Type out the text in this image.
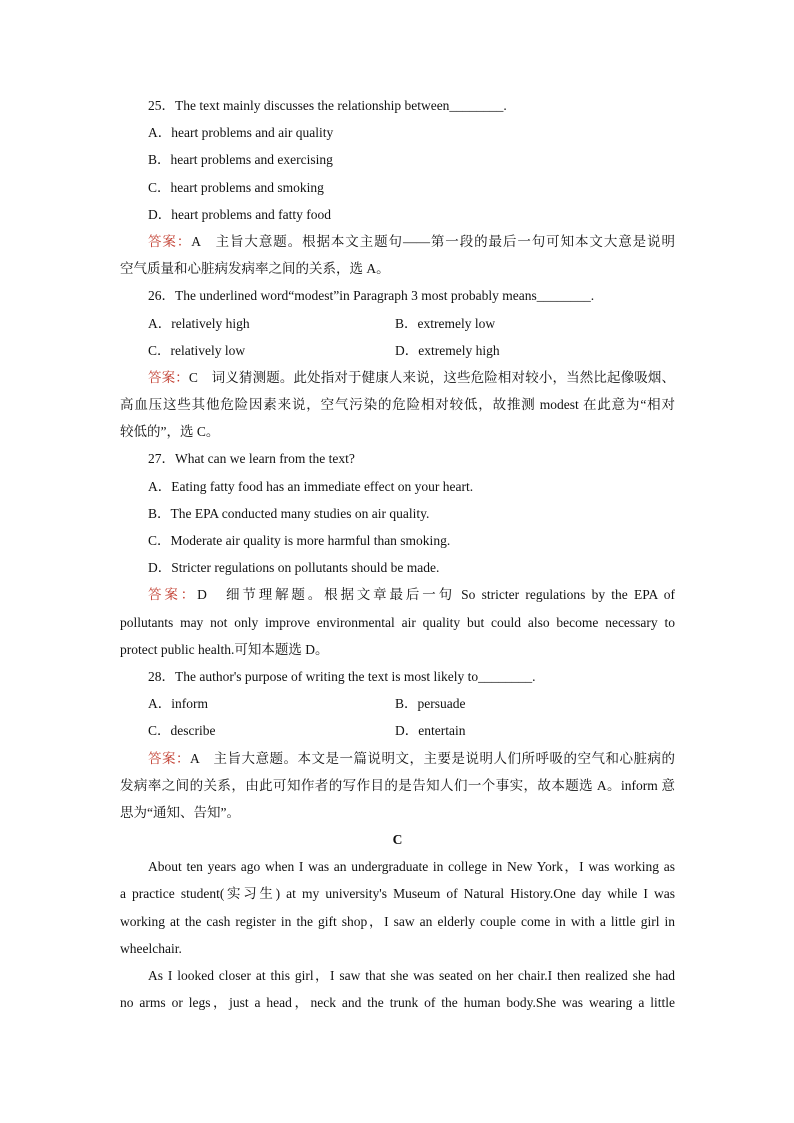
25．The text mainly discusses the relationship between________.
A．heart problems and air quality
B．heart problems and exercising
C．heart problems and smoking
D．heart problems and fatty food
答案：A　主旨大意题。根据本文主题句——第一段的最后一句可知本文大意是说明
空气质量和心脏病发病率之间的关系，选 A。
26．The underlined word“modest”in Paragraph 3 most probably means________.
A．relatively high	B．extremely low
C．relatively low	D．extremely high
答案：C　词义猜测题。此处指对于健康人来说，这些危险相对较小，当然比起像吸烟、
高血压这些其他危险因素来说，空气污染的危险相对较低，故推测 modest 在此意为“相对
较低的”，选 C。
27．What can we learn from the text?
A．Eating fatty food has an immediate effect on your heart.
B．The EPA conducted many studies on air quality.
C．Moderate air quality is more harmful than smoking.
D．Stricter regulations on pollutants should be made.
答案：D　细节理解题。根据文章最后一句 So stricter regulations by the EPA of
pollutants may not only improve environmental air quality but could also become necessary to
protect public health.可知本题选 D。
28．The author's purpose of writing the text is most likely to________.
A．inform	B．persuade
C．describe	D．entertain
答案：A　主旨大意题。本文是一篇说明文，主要是说明人们所呼吸的空气和心脏病的
发病率之间的关系，由此可知作者的写作目的是告知人们一个事实，故本题选 A。inform 意
思为“通知、告知”。
C
About ten years ago when I was an undergraduate in college in New York，I was working as
a practice student(实习生) at my university's Museum of Natural History.One day while I was
working at the cash register in the gift shop，I saw an elderly couple come in with a little girl in
wheelchair.
As I looked closer at this girl，I saw that she was seated on her chair.I then realized she had
no arms or legs，just a head，neck and the trunk of the human body.She was wearing a little
